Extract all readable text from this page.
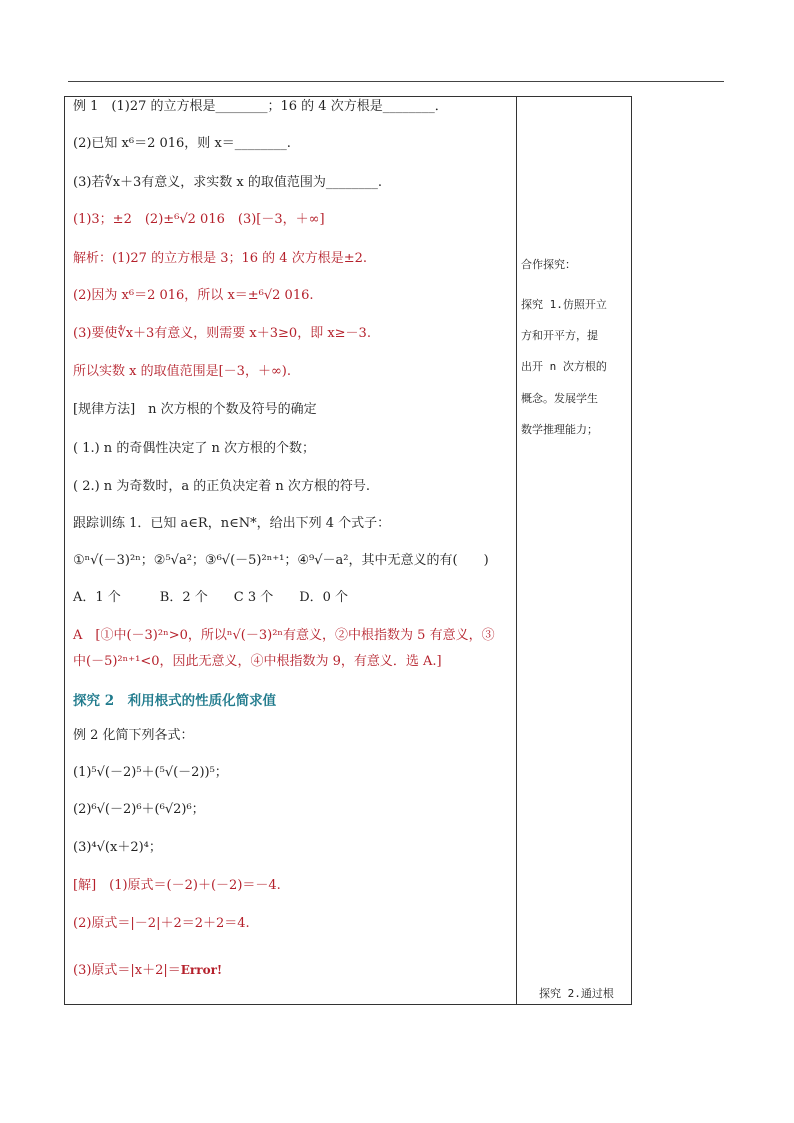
例 1　(1)27 的立方根是________；16 的 4 次方根是________．
(2)已知 x⁶＝2 016，则 x＝________.
(3)若∜x＋3有意义，求实数 x 的取值范围为________.
(1)3；±2　(2)±⁶√2 016　(3)[－3，＋∞]
解析：(1)27 的立方根是 3；16 的 4 次方根是±2.
(2)因为 x⁶＝2 016，所以 x＝±⁶√2 016.
(3)要使∜x＋3有意义，则需要 x＋3≥0，即 x≥－3.
所以实数 x 的取值范围是[－3，＋∞).
[规律方法]　n 次方根的个数及符号的确定
( 1.) n 的奇偶性决定了 n 次方根的个数；
( 2.) n 为奇数时，a 的正负决定着 n 次方根的符号.
跟踪训练 1．已知 a∈R，n∈N*，给出下列 4 个式子：
①ⁿ√(－3)²ⁿ；②⁵√a²；③⁶√(－5)²ⁿ⁺¹；④⁹√－a²，其中无意义的有(　　)
A．1 个　　　B．2 个　　C 3 个　　D．0 个
A　[①中(－3)²ⁿ>0，所以ⁿ√(－3)²ⁿ有意义，②中根指数为 5 有意义，③
中(－5)²ⁿ⁺¹<0，因此无意义，④中根指数为 9，有意义．选 A.]
探究 2　利用根式的性质化简求值
例 2 化简下列各式：
(1)⁵√(－2)⁵＋(⁵√(－2))⁵；
(2)⁶√(－2)⁶＋(⁶√2)⁶；
(3)⁴√(x＋2)⁴；
[解]　(1)原式＝(－2)＋(－2)＝－4.
(2)原式＝|－2|＋2＝2＋2＝4.
(3)原式＝|x＋2|＝Error!
合作探究：
探究 1.仿照开立
方和开平方，提
出开 n 次方根的
概念。发展学生
数学推理能力；
探究 2.通过根
